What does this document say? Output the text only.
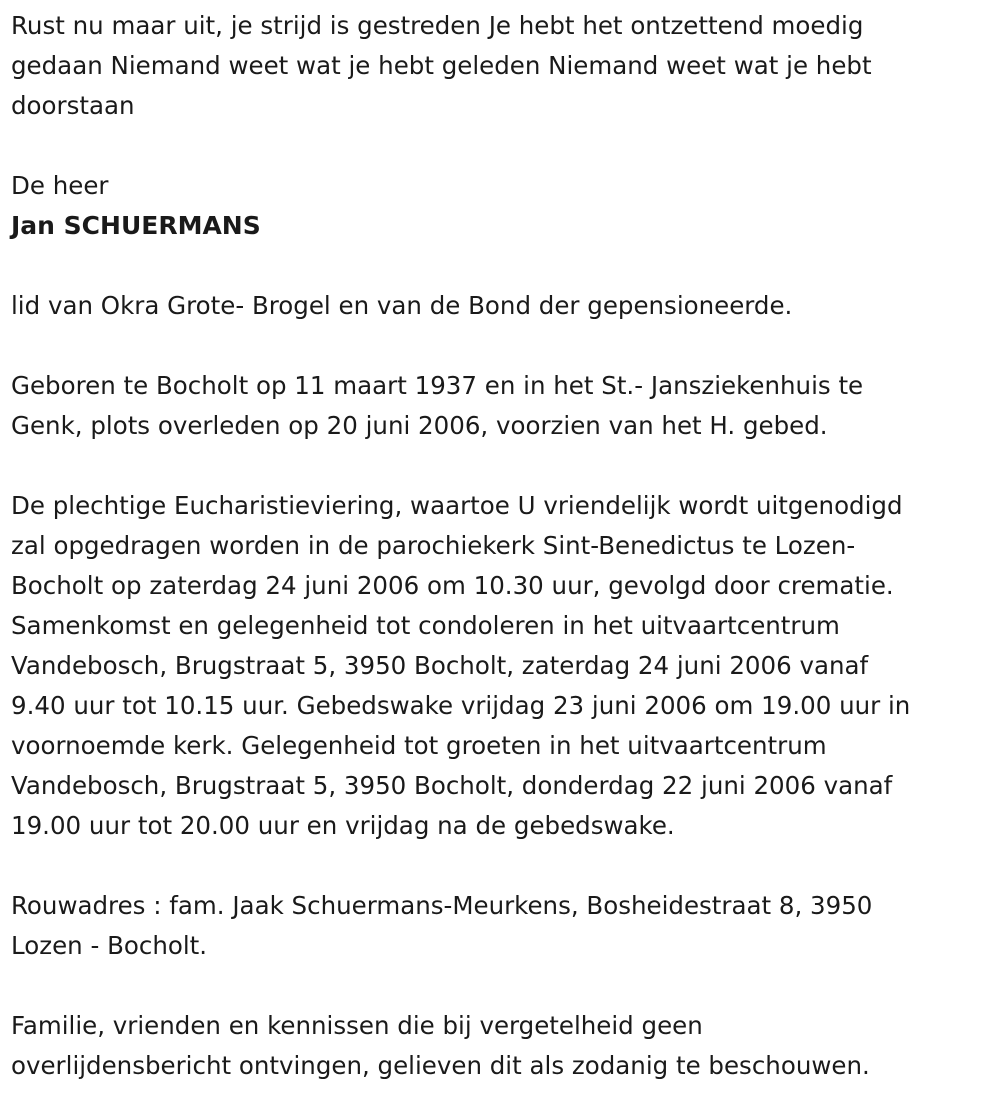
Rust nu maar uit, je strijd is gestreden Je hebt het ontzettend moedig

gedaan Niemand weet wat je hebt geleden Niemand weet wat je hebt

doorstaan

De heer

Jan SCHUERMANS

lid van Okra Grote- Brogel en van de Bond der gepensioneerde.

Geboren te Bocholt op 11 maart 1937 en in het St.- Jansziekenhuis te

Genk, plots overleden op 20 juni 2006, voorzien van het H. gebed.

De plechtige Eucharistieviering, waartoe U vriendelijk wordt uitgenodigd

zal opgedragen worden in de parochiekerk Sint-Benedictus te Lozen-

Bocholt op zaterdag 24 juni 2006 om 10.30 uur, gevolgd door crematie.

Samenkomst en gelegenheid tot condoleren in het uitvaartcentrum

Vandebosch, Brugstraat 5, 3950 Bocholt, zaterdag 24 juni 2006 vanaf

9.40 uur tot 10.15 uur. Gebedswake vrijdag 23 juni 2006 om 19.00 uur in

voornoemde kerk. Gelegenheid tot groeten in het uitvaartcentrum

Vandebosch, Brugstraat 5, 3950 Bocholt, donderdag 22 juni 2006 vanaf

19.00 uur tot 20.00 uur en vrijdag na de gebedswake.

Rouwadres : fam. Jaak Schuermans-Meurkens, Bosheidestraat 8, 3950

Lozen - Bocholt.

Familie, vrienden en kennissen die bij vergetelheid geen

overlijdensbericht ontvingen, gelieven dit als zodanig te beschouwen.
